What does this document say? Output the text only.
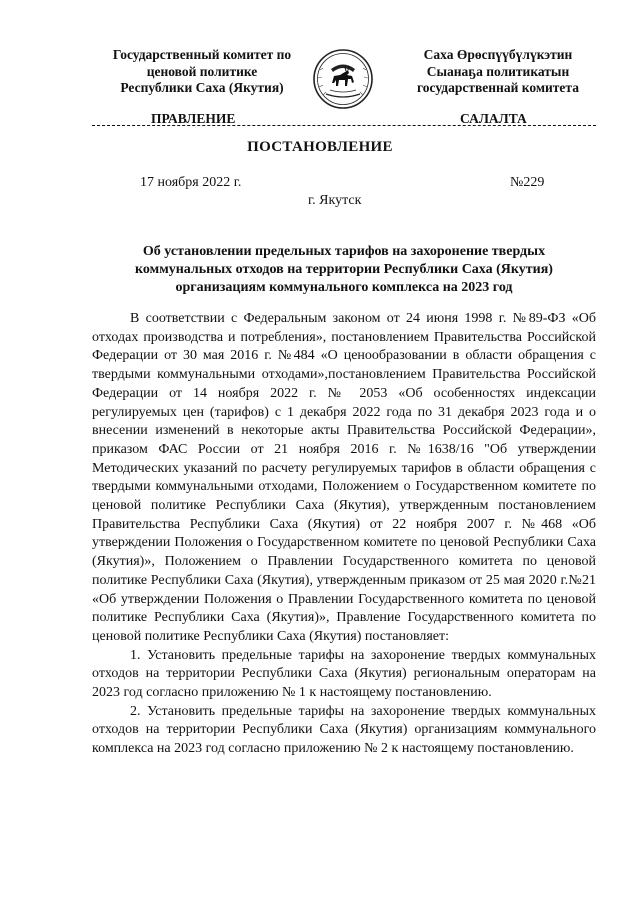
Государственный комитет по
ценовой политике
Республики Саха (Якутия)
Саха Өрөспүүбүлүкэтин
Сыанаҕа политикатын
государственнай комитета
ПРАВЛЕНИЕ	САЛАЛТА
ПОСТАНОВЛЕНИЕ
17 ноября 2022 г.	№229
г. Якутск
Об установлении предельных тарифов на захоронение твердых
коммунальных отходов на территории Республики Саха (Якутия)
организациям коммунального комплекса на 2023 год

В соответствии с Федеральным законом от 24 июня 1998 г. №89-ФЗ «Об отходах производства и потребления», постановлением Правительства Российской Федерации от 30 мая 2016 г. №484 «О ценообразовании в области обращения с твердыми коммунальными отходами»,постановлением Правительства Российской Федерации от 14 ноября 2022 г. № 2053 «Об особенностях индексации регулируемых цен (тарифов) с 1 декабря 2022 года по 31 декабря 2023 года и о внесении изменений в некоторые акты Правительства Российской Федерации», приказом ФАС России от 21 ноября 2016 г. №1638/16 "Об утверждении Методических указаний по расчету регулируемых тарифов в области обращения с твердыми коммунальными отходами, Положением о Государственном комитете по ценовой политике Республики Саха (Якутия), утвержденным постановлением Правительства Республики Саха (Якутия) от 22 ноября 2007 г. №468 «Об утверждении Положения о Государственном комитете по ценовой Республики Саха (Якутия)», Положением о Правлении Государственного комитета по ценовой политике Республики Саха (Якутия), утвержденным приказом от 25 мая 2020 г.№21 «Об утверждении Положения о Правлении Государственного комитета по ценовой политике Республики Саха (Якутия)», Правление Государственного комитета по ценовой политике Республики Саха (Якутия) постановляет:

1. Установить предельные тарифы на захоронение твердых коммунальных отходов на территории Республики Саха (Якутия) региональным операторам на 2023 год согласно приложению № 1 к настоящему постановлению.

2. Установить предельные тарифы на захоронение твердых коммунальных отходов на территории Республики Саха (Якутия) организациям коммунального комплекса на 2023 год согласно приложению № 2 к настоящему постановлению.
